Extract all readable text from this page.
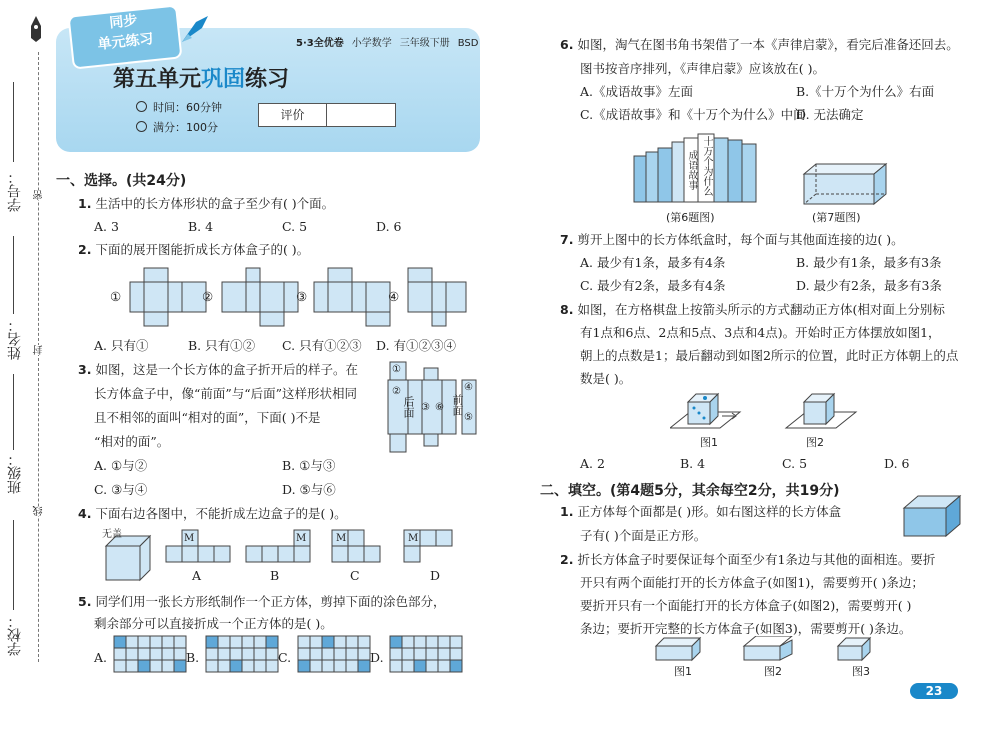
学号：
姓名：
班级：
学校：
密
封
线
同步
单元练习	5·3全优卷 小学数学 三年级下册 BSD
第五单元巩固练习
时间：60分钟
满分：100分
评价
一、选择。(共24分)
1. 生活中的长方体形状的盒子至少有( )个面。
A. 3	B. 4	C. 5	D. 6
2. 下面的展开图能折成长方体盒子的( )。
①	②	③	④
A. 只有①	B. 只有①② C. 只有①②③ D. 有①②③④
3. 如图，这是一个长方体的盒子折开后的样子。在
长方体盒子中，像“前面”与“后面”这样形状相同
且不相邻的面叫“相对的面”，下面( )不是
“相对的面”。
①
②
后面 ③ ⑥ 前面
④
⑤
A. ①与②	B. ①与③
C. ③与④	D. ⑤与⑥
4. 下面右边各图中，不能折成左边盒子的是( )。
无盖	M	M	M	M
A	B	C	D
5. 同学们用一张长方形纸制作一个正方体，剪掉下面的涂色部分，
剩余部分可以直接折成一个正方体的是( )。
A.	B.	C.	D.
6. 如图，淘气在图书角书架借了一本《声律启蒙》，看完后准备还回去。
图书按音序排列，《声律启蒙》应该放在( )。
A.《成语故事》左面	B.《十万个为什么》右面
C.《成语故事》和《十万个为什么》中间
D. 无法确定
成语故事 十万个为什么
(第6题图)	(第7题图)
7. 剪开上图中的长方体纸盒时，每个面与其他面连接的边( )。
A. 最少有1条，最多有4条	B. 最少有1条，最多有3条
C. 最少有2条，最多有4条	D. 最少有2条，最多有3条
8. 如图，在方格棋盘上按箭头所示的方式翻动正方体(相对面上分别标
有1点和6点、2点和5点、3点和4点)。开始时正方体摆放如图1，
朝上的点数是1；最后翻动到如图2所示的位置，此时正方体朝上的点
数是( )。
图1	图2
A. 2	B. 4	C. 5	D. 6
二、填空。(第4题5分，其余每空2分，共19分)
1. 正方体每个面都是( )形。如右图这样的长方体盒
子有( )个面是正方形。
2. 折长方体盒子时要保证每个面至少有1条边与其他的面相连。要折
开只有两个面能打开的长方体盒子(如图1)，需要剪开( )条边；
要折开只有一个面能打开的长方体盒子(如图2)，需要剪开( )
条边；要折开完整的长方体盒子(如图3)，需要剪开( )条边。
图1	图2	图3
23
